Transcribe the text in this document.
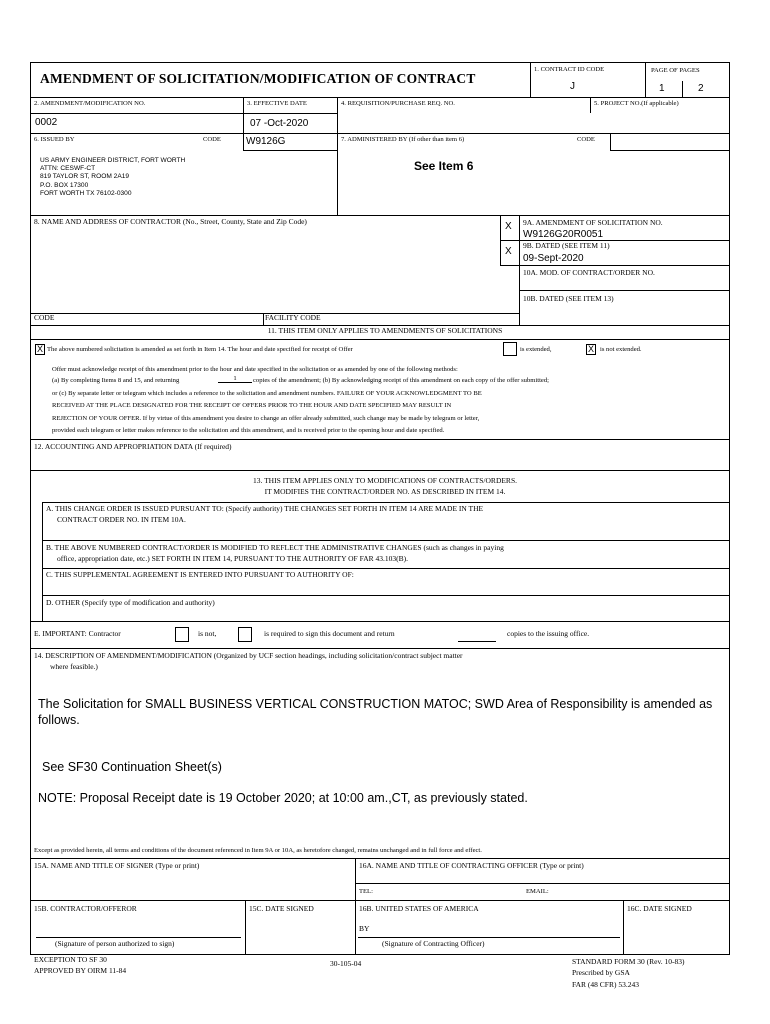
AMENDMENT OF SOLICITATION/MODIFICATION OF CONTRACT
1. CONTRACT ID CODE
J
PAGE OF PAGES
1	2
2. AMENDMENT/MODIFICATION NO.
0002
3. EFFECTIVE DATE
07 -Oct-2020
4. REQUISITION/PURCHASE REQ. NO.	5. PROJECT NO.(If applicable)
6. ISSUED BY	CODE	W9126G	7. ADMINISTERED BY (If other than item 6)	CODE
US ARMY ENGINEER DISTRICT, FORT WORTH
ATTN: CESWF-CT
819 TAYLOR ST, ROOM 2A19
P.O. BOX 17300
FORT WORTH TX 76102-0300
See Item 6
8. NAME AND ADDRESS OF CONTRACTOR (No., Street, County, State and Zip Code)	X 9A. AMENDMENT OF SOLICITATION NO.
W9126G20R0051
X
9B. DATED (SEE ITEM 11)
09-Sept-2020
10A. MOD. OF CONTRACT/ORDER NO.
10B. DATED (SEE ITEM 13)
CODE	FACILITY CODE
11. THIS ITEM ONLY APPLIES TO AMENDMENTS OF SOLICITATIONS
X The above numbered solicitation is amended as set forth in Item 14. The hour and date specified for receipt of Offer	is extended,	X is not extended.
Offer must acknowledge receipt of this amendment prior to the hour and date specified in the solicitation or as amended by one of the following methods:
(a) By completing Items 8 and 15, and returning	1	copies of the amendment; (b) By acknowledging receipt of this amendment on each copy of the offer submitted;
or (c) By separate letter or telegram which includes a reference to the solicitation and amendment numbers. FAILURE OF YOUR ACKNOWLEDGMENT TO BE
RECEIVED AT THE PLACE DESIGNATED FOR THE RECEIPT OF OFFERS PRIOR TO THE HOUR AND DATE SPECIFIED MAY RESULT IN
REJECTION OF YOUR OFFER. If by virtue of this amendment you desire to change an offer already submitted, such change may be made by telegram or letter,
provided each telegram or letter makes reference to the solicitation and this amendment, and is received prior to the opening hour and date specified.
12. ACCOUNTING AND APPROPRIATION DATA (If required)
13. THIS ITEM APPLIES ONLY TO MODIFICATIONS OF CONTRACTS/ORDERS.
IT MODIFIES THE CONTRACT/ORDER NO. AS DESCRIBED IN ITEM 14.
A. THIS CHANGE ORDER IS ISSUED PURSUANT TO: (Specify authority) THE CHANGES SET FORTH IN ITEM 14 ARE MADE IN THE
CONTRACT ORDER NO. IN ITEM 10A.
B. THE ABOVE NUMBERED CONTRACT/ORDER IS MODIFIED TO REFLECT THE ADMINISTRATIVE CHANGES (such as changes in paying
office, appropriation date, etc.) SET FORTH IN ITEM 14, PURSUANT TO THE AUTHORITY OF FAR 43.103(B).
C. THIS SUPPLEMENTAL AGREEMENT IS ENTERED INTO PURSUANT TO AUTHORITY OF:
D. OTHER (Specify type of modification and authority)
E. IMPORTANT: Contractor	is not,	is required to sign this document and return	copies to the issuing office.
14. DESCRIPTION OF AMENDMENT/MODIFICATION (Organized by UCF section headings, including solicitation/contract subject matter
where feasible.)
The Solicitation for SMALL BUSINESS VERTICAL CONSTRUCTION MATOC; SWD Area of Responsibility is amended as follows.
See SF30 Continuation Sheet(s)
NOTE: Proposal Receipt date is 19 October 2020; at 10:00 am.,CT, as previously stated.
Except as provided herein, all terms and conditions of the document referenced in Item 9A or 10A, as heretofore changed, remains unchanged and in full force and effect.
15A. NAME AND TITLE OF SIGNER (Type or print)	16A. NAME AND TITLE OF CONTRACTING OFFICER (Type or print)
TEL:	EMAIL:
15B. CONTRACTOR/OFFEROR	15C. DATE SIGNED	16B. UNITED STATES OF AMERICA	16C. DATE SIGNED
BY
(Signature of person authorized to sign)	(Signature of Contracting Officer)
EXCEPTION TO SF 30
APPROVED BY OIRM 11-84
30-105-04	STANDARD FORM 30 (Rev. 10-83)
Prescribed by GSA
FAR (48 CFR) 53.243
